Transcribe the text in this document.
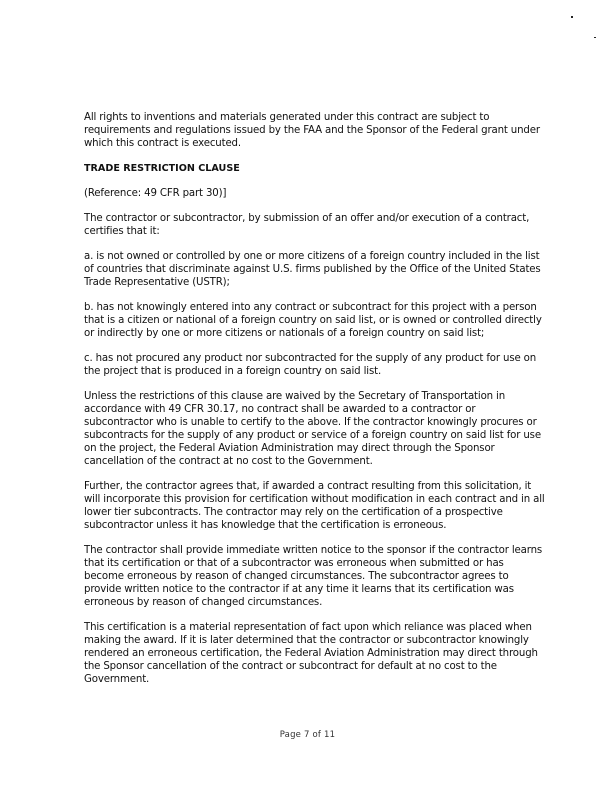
All rights to inventions and materials generated under this contract are subject to requirements and regulations issued by the FAA and the Sponsor of the Federal grant under which this contract is executed.

TRADE RESTRICTION CLAUSE

(Reference: 49 CFR part 30)]

The contractor or subcontractor, by submission of an offer and/or execution of a contract, certifies that it:

a. is not owned or controlled by one or more citizens of a foreign country included in the list of countries that discriminate against U.S. firms published by the Office of the United States Trade Representative (USTR);

b. has not knowingly entered into any contract or subcontract for this project with a person that is a citizen or national of a foreign country on said list, or is owned or controlled directly or indirectly by one or more citizens or nationals of a foreign country on said list;

c. has not procured any product nor subcontracted for the supply of any product for use on the project that is produced in a foreign country on said list.

Unless the restrictions of this clause are waived by the Secretary of Transportation in accordance with 49 CFR 30.17, no contract shall be awarded to a contractor or subcontractor who is unable to certify to the above. If the contractor knowingly procures or subcontracts for the supply of any product or service of a foreign country on said list for use on the project, the Federal Aviation Administration may direct through the Sponsor cancellation of the contract at no cost to the Government.

Further, the contractor agrees that, if awarded a contract resulting from this solicitation, it will incorporate this provision for certification without modification in each contract and in all lower tier subcontracts. The contractor may rely on the certification of a prospective subcontractor unless it has knowledge that the certification is erroneous.

The contractor shall provide immediate written notice to the sponsor if the contractor learns that its certification or that of a subcontractor was erroneous when submitted or has become erroneous by reason of changed circumstances. The subcontractor agrees to provide written notice to the contractor if at any time it learns that its certification was erroneous by reason of changed circumstances.

This certification is a material representation of fact upon which reliance was placed when making the award. If it is later determined that the contractor or subcontractor knowingly rendered an erroneous certification, the Federal Aviation Administration may direct through the Sponsor cancellation of the contract or subcontract for default at no cost to the Government.

Page 7 of 11
